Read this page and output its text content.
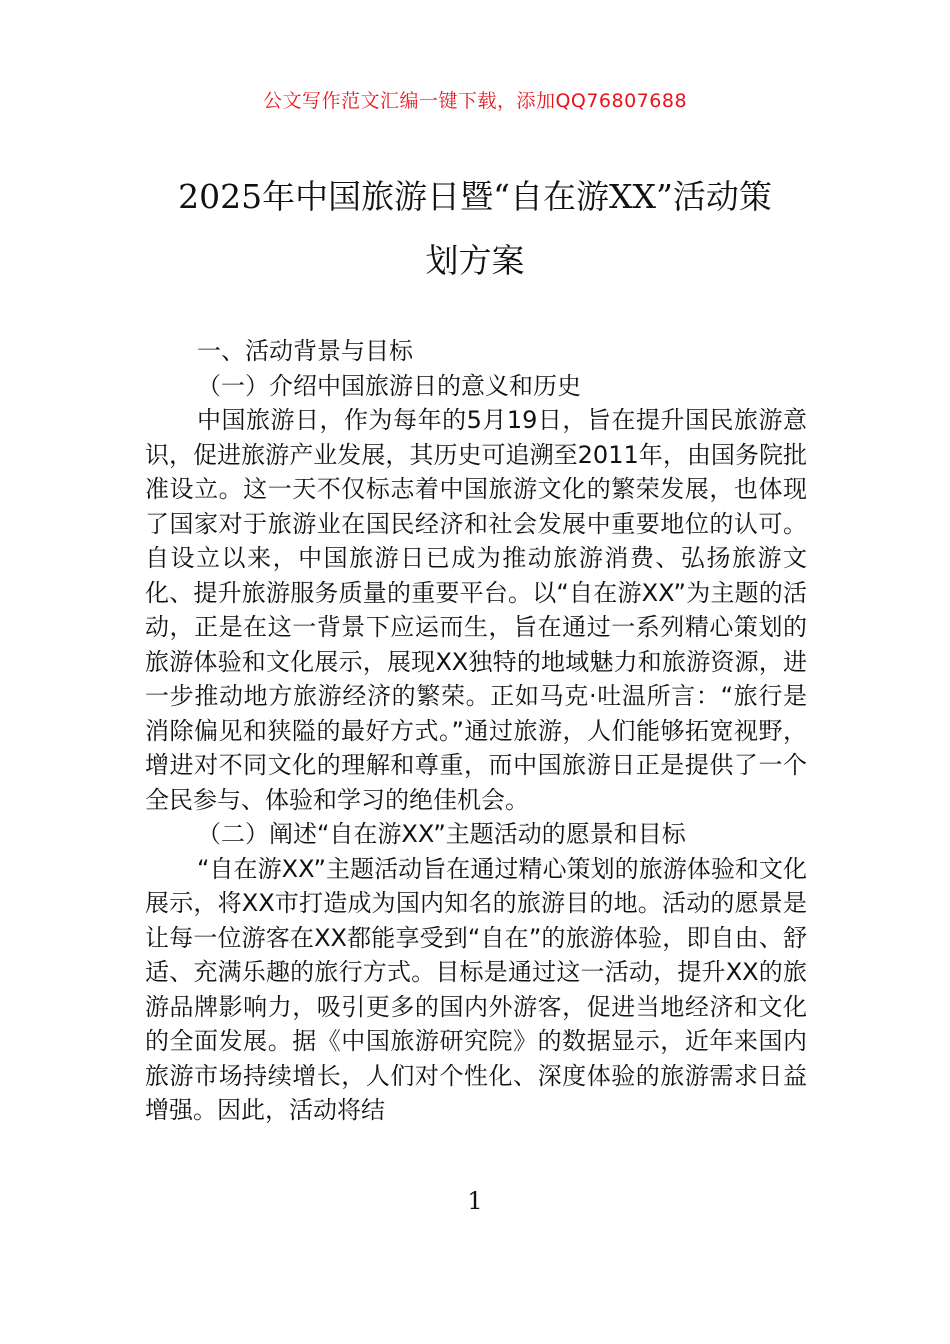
公文写作范文汇编一键下载，添加QQ76807688
2025年中国旅游日暨“自在游XX”活动策
划方案

一、活动背景与目标

（一）介绍中国旅游日的意义和历史

中国旅游日，作为每年的5月19日，旨在提升国民旅游意识，促进旅游产业发展，其历史可追溯至2011年，由国务院批准设立。这一天不仅标志着中国旅游文化的繁荣发展，也体现了国家对于旅游业在国民经济和社会发展中重要地位的认可。自设立以来，中国旅游日已成为推动旅游消费、弘扬旅游文化、提升旅游服务质量的重要平台。以“自在游XX”为主题的活动，正是在这一背景下应运而生，旨在通过一系列精心策划的旅游体验和文化展示，展现XX独特的地域魅力和旅游资源，进一步推动地方旅游经济的繁荣。正如马克·吐温所言：“旅行是消除偏见和狭隘的最好方式。”通过旅游，人们能够拓宽视野，增进对不同文化的理解和尊重，而中国旅游日正是提供了一个全民参与、体验和学习的绝佳机会。

（二）阐述“自在游XX”主题活动的愿景和目标

“自在游XX”主题活动旨在通过精心策划的旅游体验和文化展示，将XX市打造成为国内知名的旅游目的地。活动的愿景是让每一位游客在XX都能享受到“自在”的旅游体验，即自由、舒适、充满乐趣的旅行方式。目标是通过这一活动，提升XX的旅游品牌影响力，吸引更多的国内外游客，促进当地经济和文化的全面发展。据《中国旅游研究院》的数据显示，近年来国内旅游市场持续增长，人们对个性化、深度体验的旅游需求日益增强。因此，活动将结

1
